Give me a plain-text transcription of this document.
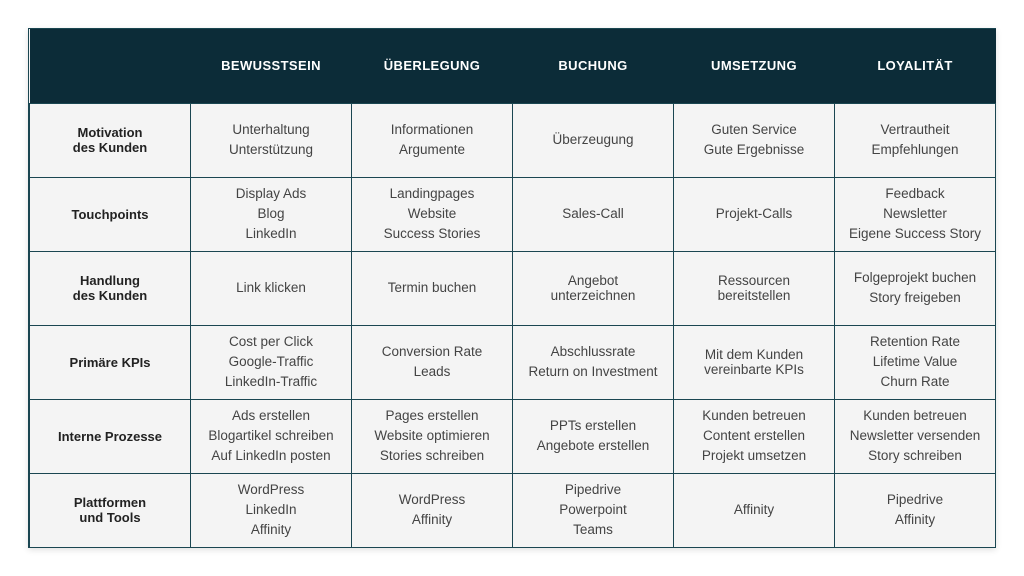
	BEWUSSTSEIN	ÜBERLEGUNG	BUCHUNG	UMSETZUNG	LOYALITÄT

Motivation
des Kunden	Unterhaltung
Unterstützung	Informationen
Argumente	Überzeugung	Guten Service
Gute Ergebnisse	Vertrautheit
Empfehlungen

Touchpoints	Display Ads
Blog
LinkedIn	Landingpages
Website
Success Stories	Sales-Call	Projekt-Calls	Feedback
Newsletter
Eigene Success Story

Handlung
des Kunden	Link klicken	Termin buchen	Angebot
unterzeichnen	Ressourcen
bereitstellen	Folgeprojekt buchen
Story freigeben

Primäre KPIs	Cost per Click
Google-Traffic
LinkedIn-Traffic	Conversion Rate
Leads	Abschlussrate
Return on Investment	Mit dem Kunden
vereinbarte KPIs	Retention Rate
Lifetime Value
Churn Rate

Interne Prozesse	Ads erstellen
Blogartikel schreiben
Auf LinkedIn posten	Pages erstellen
Website optimieren
Stories schreiben	PPTs erstellen
Angebote erstellen	Kunden betreuen
Content erstellen
Projekt umsetzen	Kunden betreuen
Newsletter versenden
Story schreiben

Plattformen
und Tools	WordPress
LinkedIn
Affinity	WordPress
Affinity	Pipedrive
Powerpoint
Teams	Affinity	Pipedrive
Affinity
